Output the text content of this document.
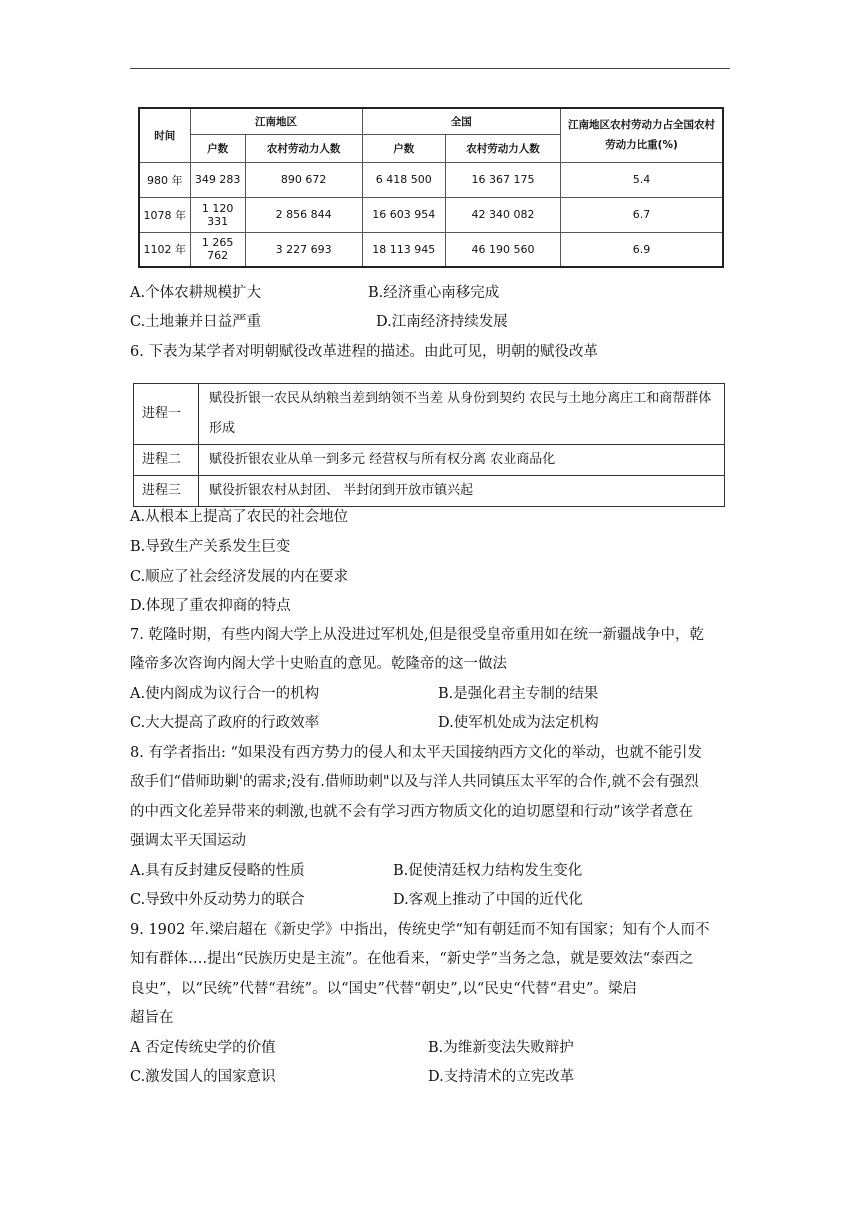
时间	江南地区		全国		江南地区农村劳动力占全国农村劳动力比重(%)
	户数	农村劳动力人数	户数	农村劳动力人数	
980 年	349 283	890 672	6 418 500	16 367 175	5.4
1078 年	1 120 331	2 856 844	16 603 954	42 340 082	6.7
1102 年	1 265 762	3 227 693	18 113 945	46 190 560	6.9
A.个体农耕规模扩大	B.经济重心南移完成
C.土地兼并日益严重	D.江南经济持续发展
6. 下表为某学者对明朝赋役改革进程的描述。由此可见，明朝的赋役改革
进程一	赋役折银一农民从纳粮当差到纳领不当差 从身份到契约 农民与土地分离庄工和商帮群体形成
进程二	赋役折银农业从单一到多元 经营权与所有权分离 农业商品化
进程三	赋役折银农村从封团、 半封闭到开放市镇兴起
A.从根本上提高了农民的社会地位
B.导致生产关系发生巨变
C.顺应了社会经济发展的内在要求
D.体现了重农抑商的特点
7. 乾隆时期，有些内阁大学上从没进过军机处,但是很受皇帝重用如在统一新疆战争中，乾
隆帝多次咨询内阁大学十史贻直的意见。乾隆帝的这一做法
A.使内阁成为议行合一的机构	B.是强化君主专制的结果
C.大大提高了政府的行政效率	D.使军机处成为法定机构
8. 有学者指出: “如果没有西方势力的侵人和太平天国接纳西方文化的举动，也就不能引发
敌手们“借师助剿'的需求;没有.借师助刺"以及与洋人共同镇压太平军的合作,就不会有强烈
的中西文化差异带来的刺激,也就不会有学习西方物质文化的迫切愿望和行动”该学者意在
强调太平天国运动
A.具有反封建反侵略的性质	B.促使清廷权力结构发生变化
C.导致中外反动势力的联合	D.客观上推动了中国的近代化
9. 1902 年.梁启超在《新史学》中指出，传统史学“知有朝廷而不知有国家；知有个人而不
知有群体….提出“民族历史是主流”。在他看来，“新史学”当务之急，就是要效法“泰西之
良史”，以“民统”代替“君统”。以“国史”代替“朝史”,以“民史“代替“君史”。梁启
超旨在
A 否定传统史学的价值	B.为维新变法失败辩护
C.激发国人的国家意识	D.支持清术的立宪改革
